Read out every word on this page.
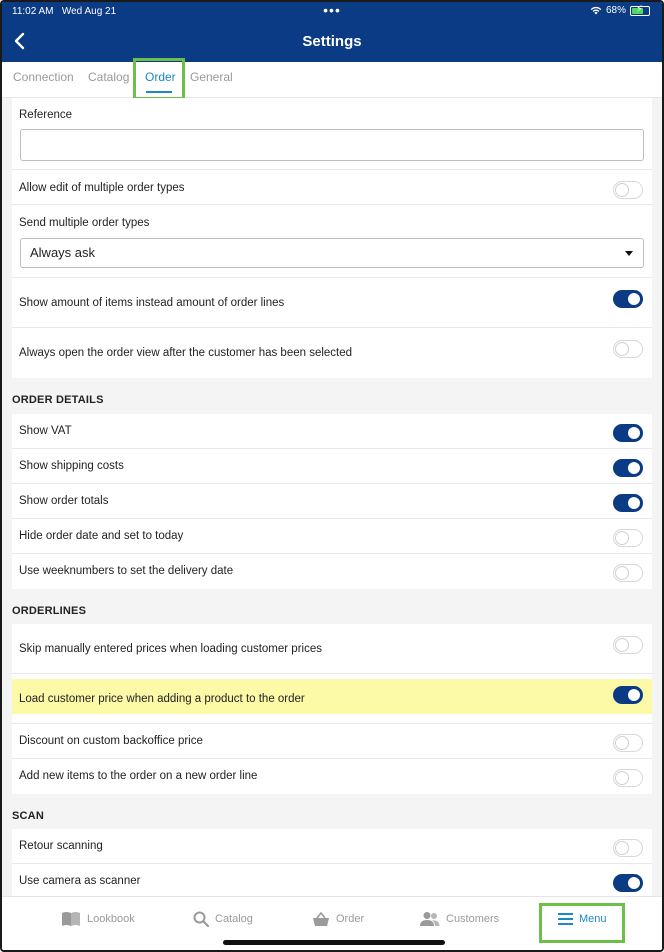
11:02 AM Wed Aug 21	•••	68% ⚡
Settings
Connection Catalog Order General
Reference
Allow edit of multiple order types
Send multiple order types
Always ask
Show amount of items instead amount of order lines
Always open the order view after the customer has been selected
ORDER DETAILS
Show VAT
Show shipping costs
Show order totals
Hide order date and set to today
Use weeknumbers to set the delivery date
ORDERLINES
Skip manually entered prices when loading customer prices
Load customer price when adding a product to the order
Discount on custom backoffice price
Add new items to the order on a new order line
SCAN
Retour scanning
Use camera as scanner
Lookbook	Catalog	Order	Customers	Menu
